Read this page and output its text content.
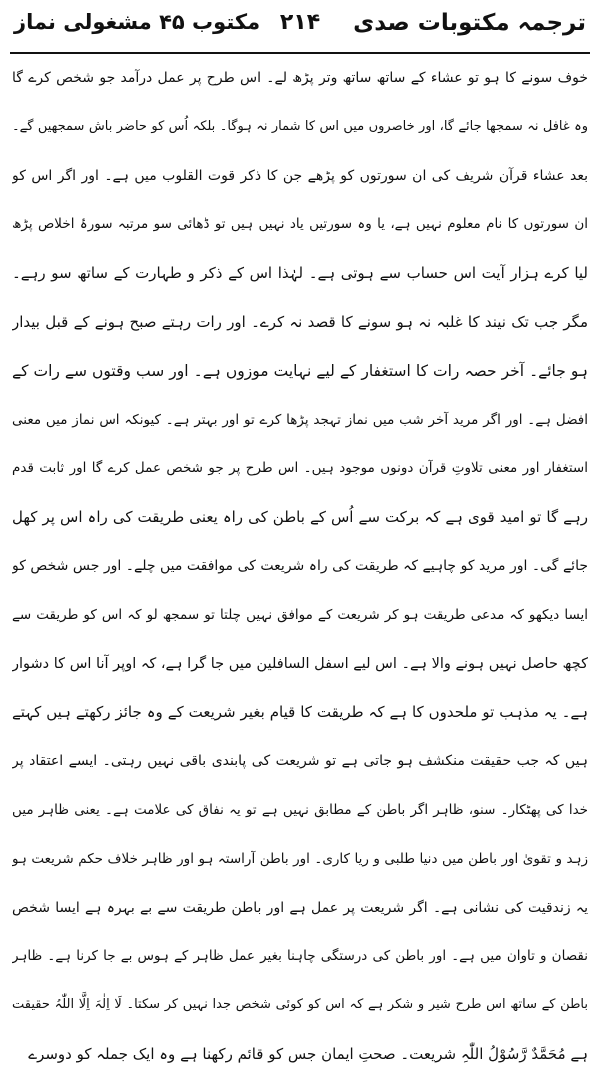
ترجمہ مکتوبات صدی
۲۱۴
مکتوب ۴۵ مشغولی نماز
خوف سونے کا ہو تو عشاء کے ساتھ ساتھ وتر پڑھ لے۔ اس طرح پر عمل درآمد جو شخص کرے گا
وہ غافل نہ سمجھا جائے گا، اور خاصروں میں اس کا شمار نہ ہوگا۔ بلکہ اُس کو حاضر باش سمجھیں گے۔
بعد عشاء قرآن شریف کی ان سورتوں کو پڑھے جن کا ذکر قوت القلوب میں ہے۔ اور اگر اس کو
ان سورتوں کا نام معلوم نہیں ہے، یا وہ سورتیں یاد نہیں ہیں تو ڈھائی سو مرتبہ سورۂ اخلاص پڑھ
لیا کرے ہزار آیت اس حساب سے ہوتی ہے۔ لہٰذا اس کے ذکر و طہارت کے ساتھ سو رہے۔
مگر جب تک نیند کا غلبہ نہ ہو سونے کا قصد نہ کرے۔ اور رات رہتے صبح ہونے کے قبل بیدار
ہو جائے۔ آخر حصہ رات کا استغفار کے لیے نہایت موزوں ہے۔ اور سب وقتوں سے رات کے
افضل ہے۔ اور اگر مرید آخر شب میں نماز تہجد پڑھا کرے تو اور بہتر ہے۔ کیونکہ اس نماز میں معنی
استغفار اور معنی تلاوتِ قرآن دونوں موجود ہیں۔ اس طرح پر جو شخص عمل کرے گا اور ثابت قدم
رہے گا تو امید قوی ہے کہ برکت سے اُس کے باطن کی راہ یعنی طریقت کی راہ اس پر کھل
جائے گی۔ اور مرید کو چاہیے کہ طریقت کی راہ شریعت کی موافقت میں چلے۔ اور جس شخص کو
ایسا دیکھو کہ مدعی طریقت ہو کر شریعت کے موافق نہیں چلتا تو سمجھ لو کہ اس کو طریقت سے
کچھ حاصل نہیں ہونے والا ہے۔ اس لیے اسفل السافلین میں جا گرا ہے، کہ اوپر آنا اس کا دشوار
ہے۔ یہ مذہب تو ملحدوں کا ہے کہ طریقت کا قیام بغیر شریعت کے وہ جائز رکھتے ہیں کہتے
ہیں کہ جب حقیقت منکشف ہو جاتی ہے تو شریعت کی پابندی باقی نہیں رہتی۔ ایسے اعتقاد پر
خدا کی پھٹکار۔ سنو، ظاہر اگر باطن کے مطابق نہیں ہے تو یہ نفاق کی علامت ہے۔ یعنی ظاہر میں
زہد و تقویٰ اور باطن میں دنیا طلبی و ریا کاری۔ اور باطن آراستہ ہو اور ظاہر خلاف حکم شریعت ہو
یہ زندقیت کی نشانی ہے۔ اگر شریعت پر عمل ہے اور باطن طریقت سے بے بہرہ ہے ایسا شخص
نقصان و تاوان میں ہے۔ اور باطن کی درستگی چاہنا بغیر عمل ظاہر کے ہوس بے جا کرنا ہے۔ ظاہر
باطن کے ساتھ اس طرح شیر و شکر ہے کہ اس کو کوئی شخص جدا نہیں کر سکتا۔ لَا اِلٰہَ اِلَّا اللّٰہُ حقیقت
ہے مُحَمَّدٌ رَّسُوْلُ اللّٰہِ شریعت۔ صحتِ ایمان جس کو قائم رکھنا ہے وہ ایک جملہ کو دوسرے
